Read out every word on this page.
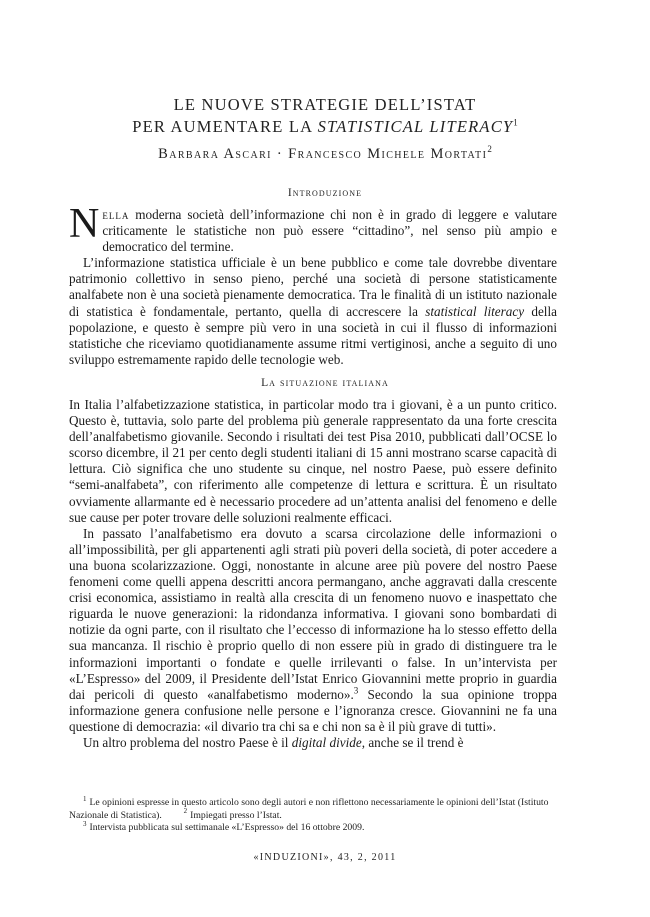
LE NUOVE STRATEGIE DELL’ISTAT
PER AUMENTARE LA STATISTICAL LITERACY$^1$
Barbara Ascari · Francesco Michele Mortati$^2$
Introduzione

Nella moderna società dell’informazione chi non è in grado di leggere e valutare criticamente le statistiche non può essere “cittadino”, nel senso più ampio e democratico del termine.

L’informazione statistica ufficiale è un bene pubblico e come tale dovrebbe diventare patrimonio collettivo in senso pieno, perché una società di persone statisticamente analfabete non è una società pienamente democratica. Tra le finalità di un istituto nazionale di statistica è fondamentale, pertanto, quella di accrescere la statistical literacy della popolazione, e questo è sempre più vero in una società in cui il flusso di informazioni statistiche che riceviamo quotidianamente assume ritmi vertiginosi, anche a seguito di uno sviluppo estremamente rapido delle tecnologie web.

La situazione italiana

In Italia l’alfabetizzazione statistica, in particolar modo tra i giovani, è a un punto critico. Questo è, tuttavia, solo parte del problema più generale rappresentato da una forte crescita dell’analfabetismo giovanile. Secondo i risultati dei test Pisa 2010, pubblicati dall’OCSE lo scorso dicembre, il 21 per cento degli studenti italiani di 15 anni mostrano scarse capacità di lettura. Ciò significa che uno studente su cinque, nel nostro Paese, può essere definito “semi-analfabeta”, con riferimento alle competenze di lettura e scrittura. È un risultato ovviamente allarmante ed è necessario procedere ad un’attenta analisi del fenomeno e delle sue cause per poter trovare delle soluzioni realmente efficaci.

In passato l’analfabetismo era dovuto a scarsa circolazione delle informazioni o all’impossibilità, per gli appartenenti agli strati più poveri della società, di poter accedere a una buona scolarizzazione. Oggi, nonostante in alcune aree più povere del nostro Paese fenomeni come quelli appena descritti ancora permangano, anche aggravati dalla crescente crisi economica, assistiamo in realtà alla crescita di un fenomeno nuovo e inaspettato che riguarda le nuove generazioni: la ridondanza informativa. I giovani sono bombardati di notizie da ogni parte, con il risultato che l’eccesso di informazione ha lo stesso effetto della sua mancanza. Il rischio è proprio quello di non essere più in grado di distinguere tra le informazioni importanti o fondate e quelle irrilevanti o false. In un’intervista per «L’Espresso» del 2009, il Presidente dell’Istat Enrico Giovannini mette proprio in guardia dai pericoli di questo «analfabetismo moderno».$^3$ Secondo la sua opinione troppa informazione genera confusione nelle persone e l’ignoranza cresce. Giovannini ne fa una questione di democrazia: «il divario tra chi sa e chi non sa è il più grave di tutti».

Un altro problema del nostro Paese è il digital divide, anche se il trend è

$^1$ Le opinioni espresse in questo articolo sono degli autori e non riflettono necessariamente le opinioni dell’Istat (Istituto Nazionale di Statistica).	$^2$ Impiegati presso l’Istat.
$^3$ Intervista pubblicata sul settimanale «L’Espresso» del 16 ottobre 2009.
«INDUZIONI», 43, 2, 2011
